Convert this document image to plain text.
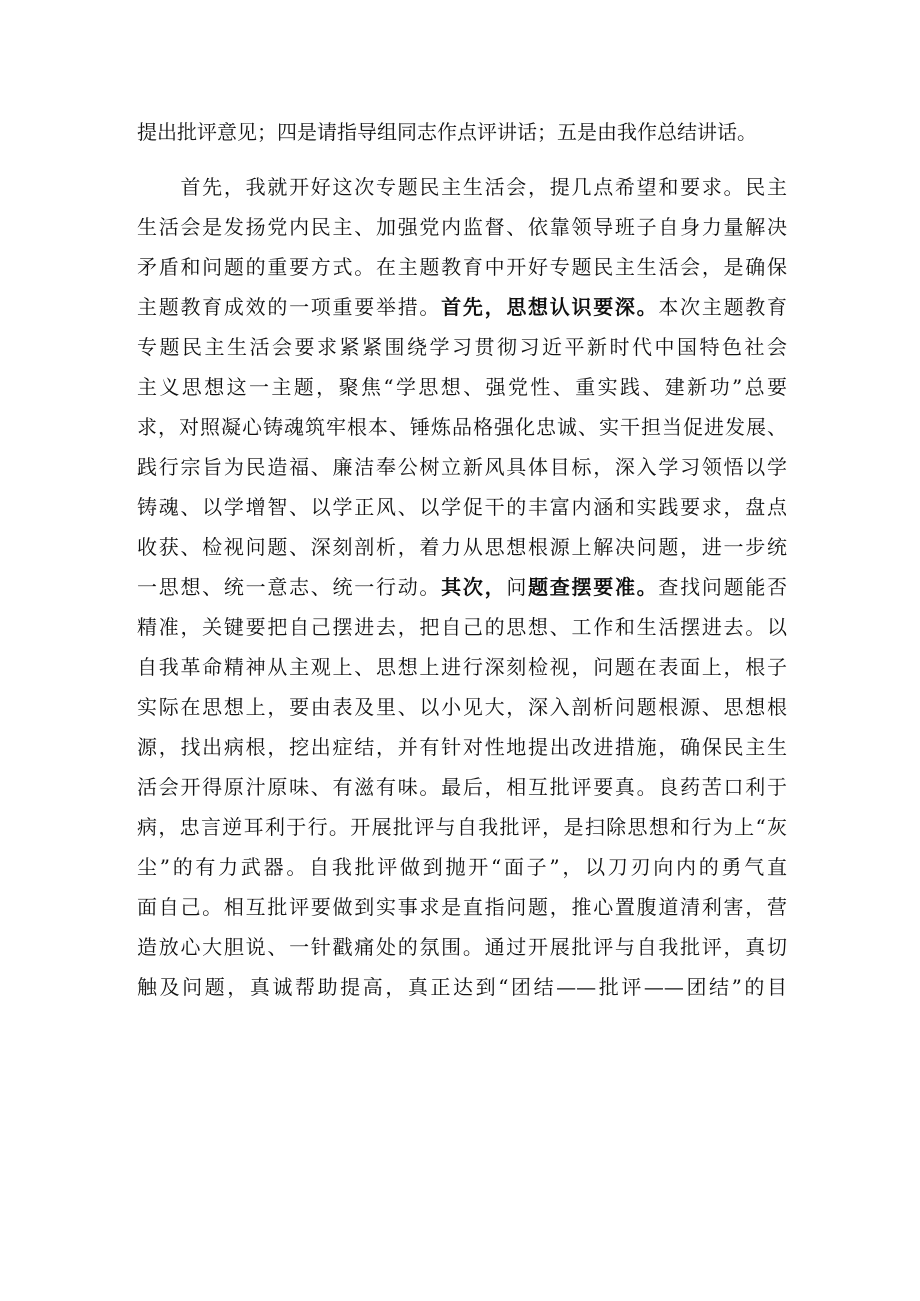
提出批评意见；四是请指导组同志作点评讲话；五是由我作总结讲话。
　　首先，我就开好这次专题民主生活会，提几点希望和要求。民主
生活会是发扬党内民主、加强党内监督、依靠领导班子自身力量解决
矛盾和问题的重要方式。在主题教育中开好专题民主生活会，是确保
主题教育成效的一项重要举措。首先，思想认识要深。本次主题教育
专题民主生活会要求紧紧围绕学习贯彻习近平新时代中国特色社会
主义思想这一主题，聚焦“学思想、强党性、重实践、建新功”总要
求，对照凝心铸魂筑牢根本、锤炼品格强化忠诚、实干担当促进发展、
践行宗旨为民造福、廉洁奉公树立新风具体目标，深入学习领悟以学
铸魂、以学增智、以学正风、以学促干的丰富内涵和实践要求，盘点
收获、检视问题、深刻剖析，着力从思想根源上解决问题，进一步统
一思想、统一意志、统一行动。其次，问题查摆要准。查找问题能否
精准，关键要把自己摆进去，把自己的思想、工作和生活摆进去。以
自我革命精神从主观上、思想上进行深刻检视，问题在表面上，根子
实际在思想上，要由表及里、以小见大，深入剖析问题根源、思想根
源，找出病根，挖出症结，并有针对性地提出改进措施，确保民主生
活会开得原汁原味、有滋有味。最后，相互批评要真。良药苦口利于
病，忠言逆耳利于行。开展批评与自我批评，是扫除思想和行为上“灰
尘”的有力武器。自我批评做到抛开“面子”，以刀刃向内的勇气直
面自己。相互批评要做到实事求是直指问题，推心置腹道清利害，营
造放心大胆说、一针戳痛处的氛围。通过开展批评与自我批评，真切
触及问题，真诚帮助提高，真正达到“团结——批评——团结”的目
